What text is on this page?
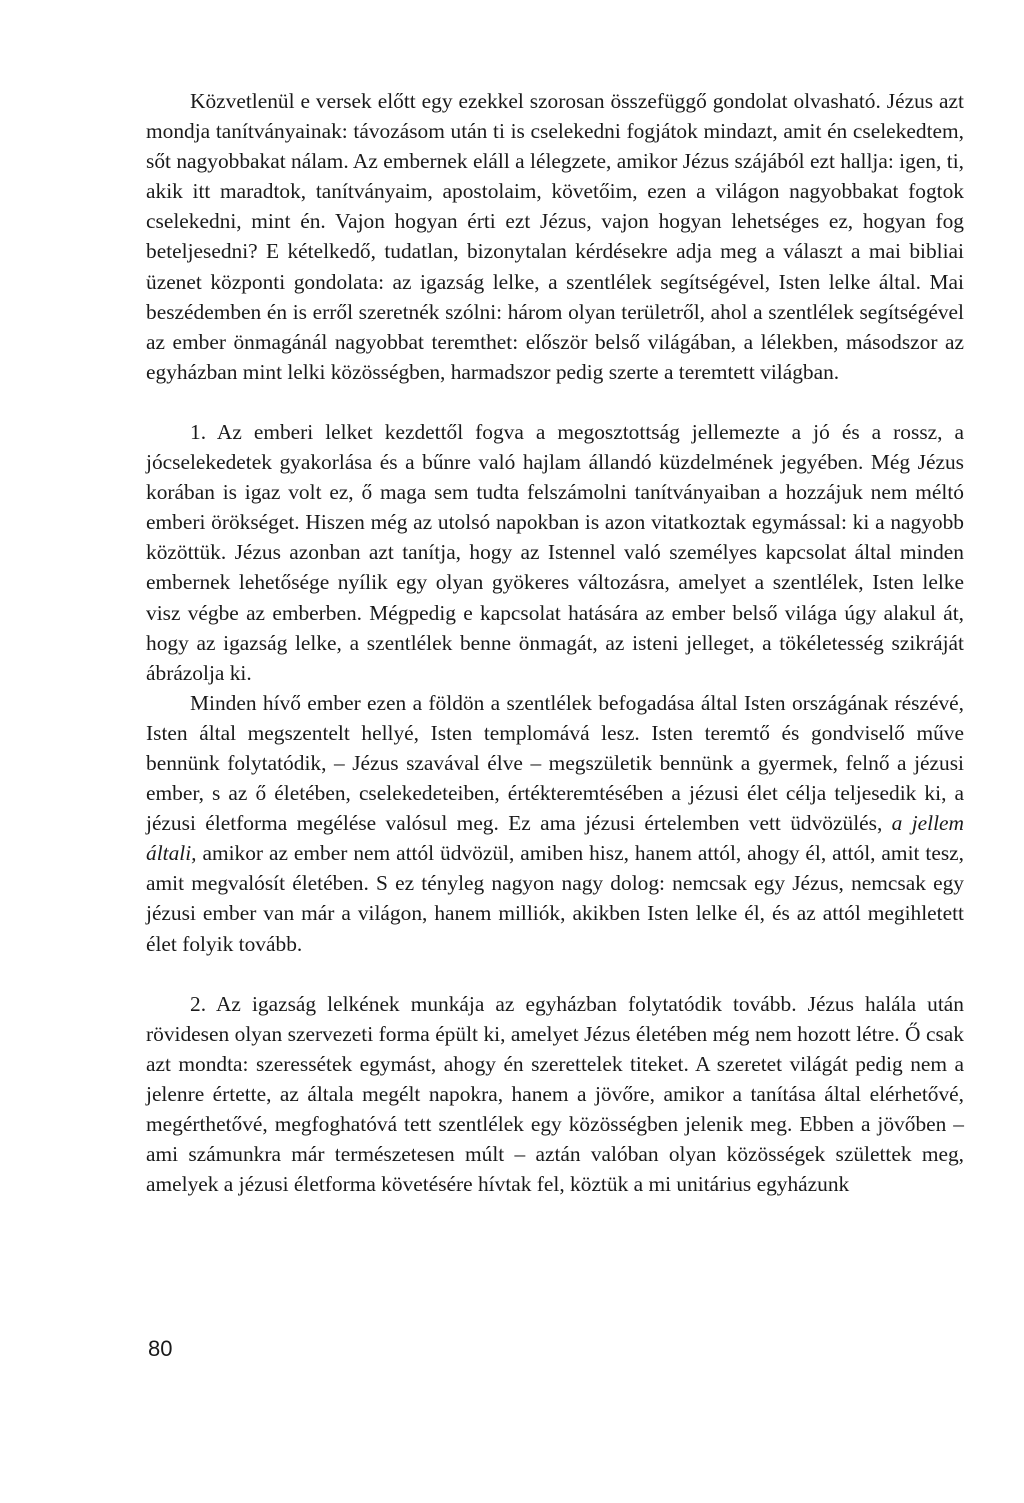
Közvetlenül e versek előtt egy ezekkel szorosan összefüggő gondolat olvasható. Jézus azt mondja tanítványainak: távozásom után ti is cselekedni fogjátok mindazt, amit én cselekedtem, sőt nagyobbakat nálam. Az embernek eláll a lélegzete, amikor Jézus szájából ezt hallja: igen, ti, akik itt maradtok, tanítványaim, apostolaim, követőim, ezen a világon nagyobbakat fogtok cselekedni, mint én. Vajon hogyan érti ezt Jézus, vajon hogyan lehetséges ez, hogyan fog beteljesedni? E kételkedő, tudatlan, bizonytalan kérdésekre adja meg a választ a mai bibliai üzenet központi gondolata: az igazság lelke, a szentlélek segítségével, Isten lelke által. Mai beszédemben én is erről szeretnék szólni: három olyan területről, ahol a szentlélek segítségével az ember önmagánál nagyobbat teremthet: először belső világában, a lélekben, másodszor az egyházban mint lelki közösségben, harmadszor pedig szerte a teremtett világban.

1. Az emberi lelket kezdettől fogva a megosztottság jellemezte a jó és a rossz, a jócselekedetek gyakorlása és a bűnre való hajlam állandó küzdelmének jegyében. Még Jézus korában is igaz volt ez, ő maga sem tudta felszámolni tanítványaiban a hozzájuk nem méltó emberi örökséget. Hiszen még az utolsó napokban is azon vitatkoztak egymással: ki a nagyobb közöttük. Jézus azonban azt tanítja, hogy az Istennel való személyes kapcsolat által minden embernek lehetősége nyílik egy olyan gyökeres változásra, amelyet a szentlélek, Isten lelke visz végbe az emberben. Mégpedig e kapcsolat hatására az ember belső világa úgy alakul át, hogy az igazság lelke, a szentlélek benne önmagát, az isteni jelleget, a tökéletesség szikráját ábrázolja ki.

Minden hívő ember ezen a földön a szentlélek befogadása által Isten országának részévé, Isten által megszentelt hellyé, Isten templomává lesz. Isten teremtő és gondviselő műve bennünk folytatódik, – Jézus szavával élve – megszületik bennünk a gyermek, felnő a jézusi ember, s az ő életében, cselekedeteiben, értékteremtésében a jézusi élet célja teljesedik ki, a jézusi életforma megélése valósul meg. Ez ama jézusi értelemben vett üdvözülés, a jellem általi, amikor az ember nem attól üdvözül, amiben hisz, hanem attól, ahogy él, attól, amit tesz, amit megvalósít életében. S ez tényleg nagyon nagy dolog: nemcsak egy Jézus, nemcsak egy jézusi ember van már a világon, hanem milliók, akikben Isten lelke él, és az attól megihletett élet folyik tovább.

2. Az igazság lelkének munkája az egyházban folytatódik tovább. Jézus halála után rövidesen olyan szervezeti forma épült ki, amelyet Jézus életében még nem hozott létre. Ő csak azt mondta: szeressétek egymást, ahogy én szerettelek titeket. A szeretet világát pedig nem a jelenre értette, az általa megélt napokra, hanem a jövőre, amikor a tanítása által elérhetővé, megérthetővé, megfoghatóvá tett szentlélek egy közösségben jelenik meg. Ebben a jövőben – ami számunkra már természetesen múlt – aztán valóban olyan közösségek születtek meg, amelyek a jézusi életforma követésére hívtak fel, köztük a mi unitárius egyházunk

80
